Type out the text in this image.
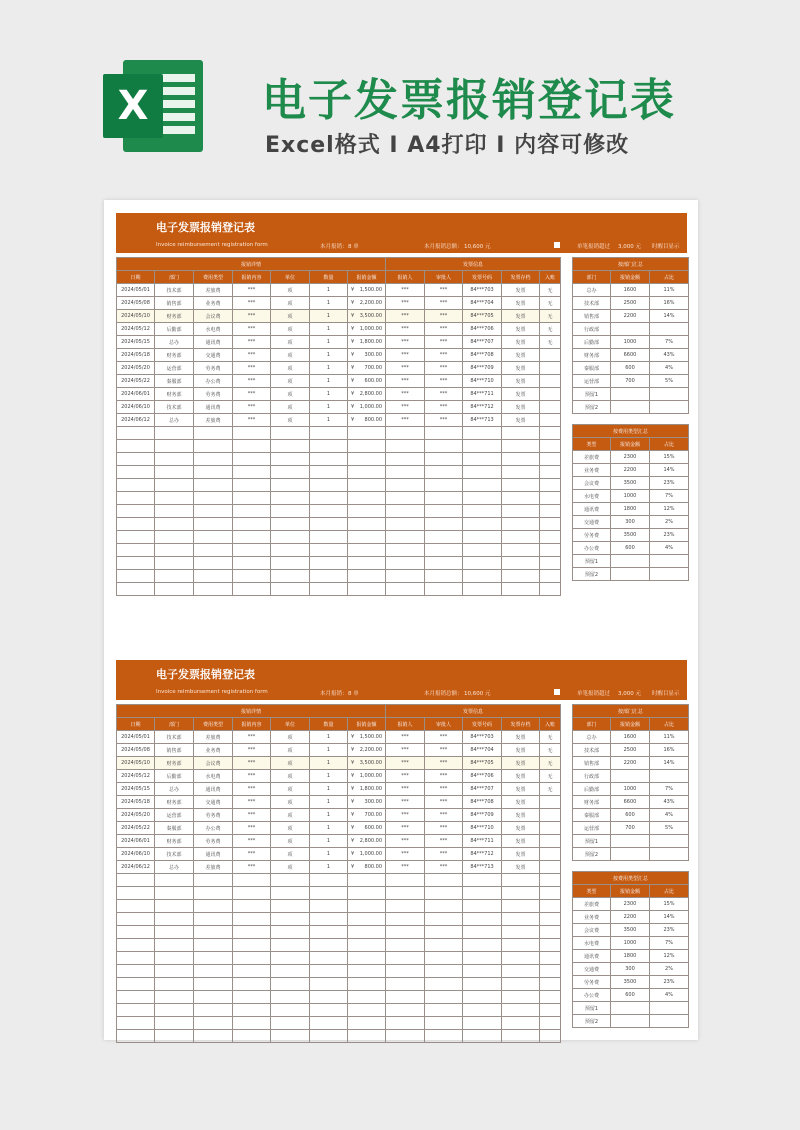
X	电子发票报销登记表
Excel格式 I A4打印 I 内容可修改
电子发票报销登记表
Invoice reimbursement registration form	本月报销： 8 单	本月报销总额： 10,600 元	单笔报销超过 3,000 元 时醒目显示
报销详情							发票信息				
日期	部门	费用类型	报销内容	单位	数量	报销金额	报销人	审批人	发票号码	发票存档	入账
2024/05/01	技术部	差旅费	***	项	1	¥ 1,500.00	***	***	84***703	发票	无
2024/05/08	销售部	业务费	***	项	1	¥ 2,200.00	***	***	84***704	发票	无
2024/05/10	财务部	会议费	***	项	1	¥ 3,500.00	***	***	84***705	发票	无
2024/05/12	后勤部	水电费	***	项	1	¥ 1,000.00	***	***	84***706	发票	无
2024/05/15	总办	通讯费	***	项	1	¥ 1,800.00	***	***	84***707	发票	无
2024/05/18	财务部	交通费	***	项	1	¥ 300.00	***	***	84***708	发票	
2024/05/20	运营部	劳务费	***	项	1	¥ 700.00	***	***	84***709	发票	
2024/05/22	秦服部	办公费	***	项	1	¥ 600.00	***	***	84***710	发票	
2024/06/01	财务部	劳务费	***	项	1	¥ 2,800.00	***	***	84***711	发票	
2024/06/10	技术部	通讯费	***	项	1	¥ 1,000.00	***	***	84***712	发票	
2024/06/12	总办	差旅费	***	项	1	¥ 800.00	***	***	84***713	发票	

按部门汇总		
部门	报销金额	占比
总办	1600	11%
技术部	2500	16%
销售部	2200	14%
行政部		
后勤部	1000	7%
财务部	6600	43%
秦服部	600	4%
运营部	700	5%
预留1		
预留2		
按费用类型汇总		
类型	报销金额	占比
差旅费	2300	15%
业务费	2200	14%
会议费	3500	23%
水电费	1000	7%
通讯费	1800	12%
交通费	300	2%
劳务费	3500	23%
办公费	600	4%
预留1		
预留2		
电子发票报销登记表
Invoice reimbursement registration form	本月报销： 8 单	本月报销总额： 10,600 元	单笔报销超过 3,000 元 时醒目显示
报销详情							发票信息				
日期	部门	费用类型	报销内容	单位	数量	报销金额	报销人	审批人	发票号码	发票存档	入账
2024/05/01	技术部	差旅费	***	项	1	¥ 1,500.00	***	***	84***703	发票	无
2024/05/08	销售部	业务费	***	项	1	¥ 2,200.00	***	***	84***704	发票	无
2024/05/10	财务部	会议费	***	项	1	¥ 3,500.00	***	***	84***705	发票	无
2024/05/12	后勤部	水电费	***	项	1	¥ 1,000.00	***	***	84***706	发票	无
2024/05/15	总办	通讯费	***	项	1	¥ 1,800.00	***	***	84***707	发票	无
2024/05/18	财务部	交通费	***	项	1	¥ 300.00	***	***	84***708	发票	
2024/05/20	运营部	劳务费	***	项	1	¥ 700.00	***	***	84***709	发票	
2024/05/22	秦服部	办公费	***	项	1	¥ 600.00	***	***	84***710	发票	
2024/06/01	财务部	劳务费	***	项	1	¥ 2,800.00	***	***	84***711	发票	
2024/06/10	技术部	通讯费	***	项	1	¥ 1,000.00	***	***	84***712	发票	
2024/06/12	总办	差旅费	***	项	1	¥ 800.00	***	***	84***713	发票	

按部门汇总		
部门	报销金额	占比
总办	1600	11%
技术部	2500	16%
销售部	2200	14%
行政部		
后勤部	1000	7%
财务部	6600	43%
秦服部	600	4%
运营部	700	5%
预留1		
预留2		
按费用类型汇总		
类型	报销金额	占比
差旅费	2300	15%
业务费	2200	14%
会议费	3500	23%
水电费	1000	7%
通讯费	1800	12%
交通费	300	2%
劳务费	3500	23%
办公费	600	4%
预留1		
预留2		
